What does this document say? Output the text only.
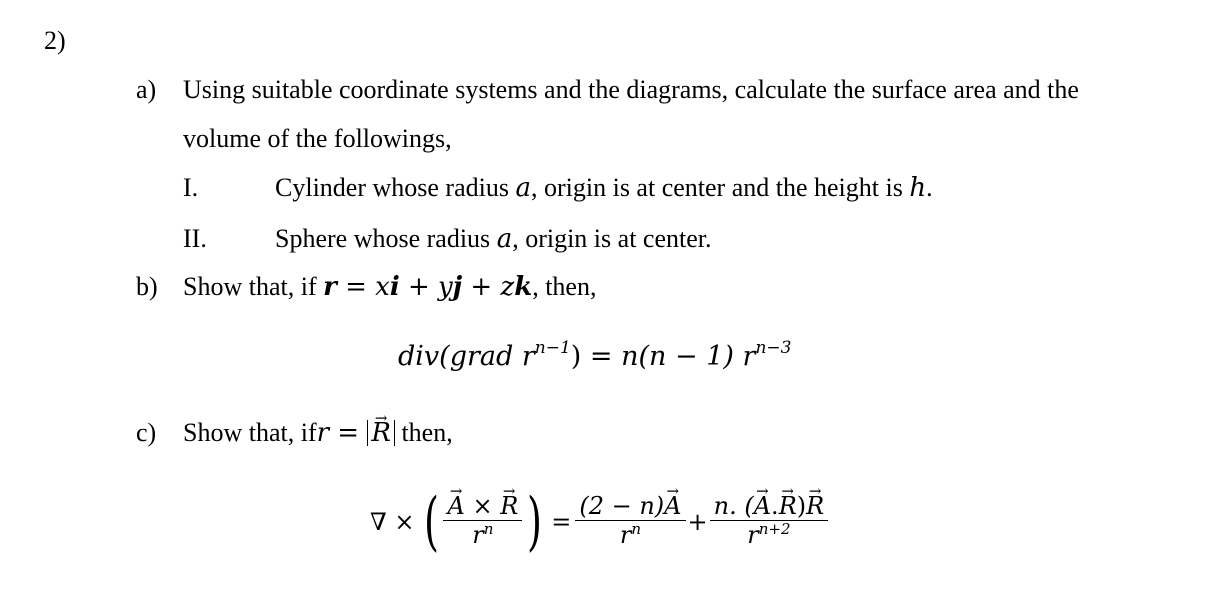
2)
a) Using suitable coordinate systems and the diagrams, calculate the surface area and the
volume of the followings,
I.	Cylinder whose radius a, origin is at center and the height is h.
II.	Sphere whose radius a, origin is at center.
b) Show that, if r = xi + yj + zk, then,
div(grad $r^{n-1}) = n(n - 1)$ $r^{n-3}$
c) Show that, ifr = R → then,
∇ × ( $\frac{A \to \times R \to}{r^n}$ ) = $\frac{(2 - n)A \to}{r^n} + \frac{n. (A \to.R \to)R \to}{r^{n+2}}$
